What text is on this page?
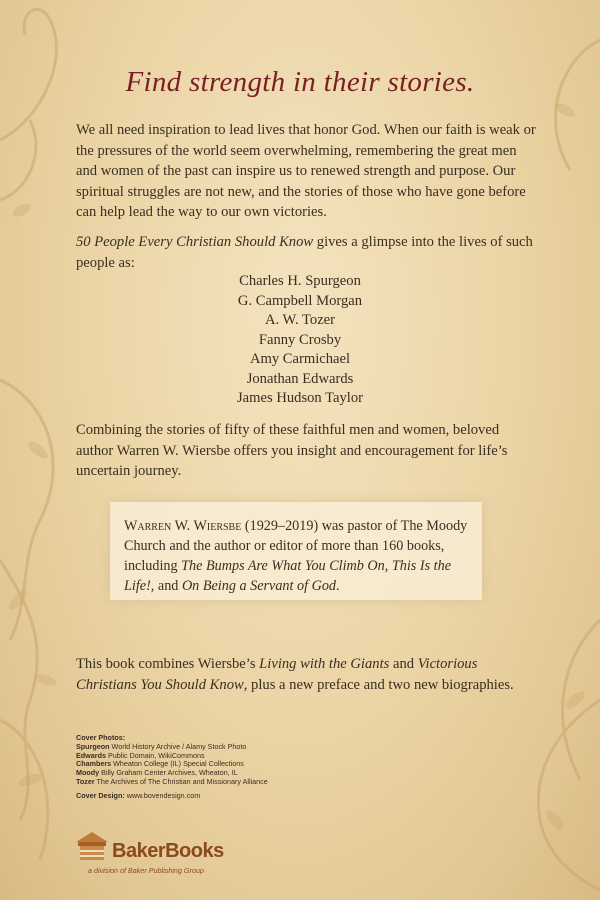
Find strength in their stories.

We all need inspiration to lead lives that honor God. When our faith is weak or the pressures of the world seem overwhelming, remembering the great men and women of the past can inspire us to renewed strength and purpose. Our spiritual struggles are not new, and the stories of those who have gone before can help lead the way to our own victories.

50 People Every Christian Should Know gives a glimpse into the lives of such people as:

Charles H. Spurgeon
G. Campbell Morgan
A. W. Tozer
Fanny Crosby
Amy Carmichael
Jonathan Edwards
James Hudson Taylor

Combining the stories of fifty of these faithful men and women, beloved author Warren W. Wiersbe offers you insight and encouragement for life’s uncertain journey.

Warren W. Wiersbe (1929–2019) was pastor of The Moody Church and the author or editor of more than 160 books, including The Bumps Are What You Climb On, This Is the Life!, and On Being a Servant of God.

This book combines Wiersbe’s Living with the Giants and Victorious Christians You Should Know, plus a new preface and two new biographies.

Cover Photos:
Spurgeon World History Archive / Alamy Stock Photo
Edwards Public Domain, WikiCommons
Chambers Wheaton College (IL) Special Collections
Moody Billy Graham Center Archives, Wheaton, IL
Tozer The Archives of The Christian and Missionary Alliance
Cover Design: www.bovendesign.com
BakerBooks
a division of Baker Publishing Group
